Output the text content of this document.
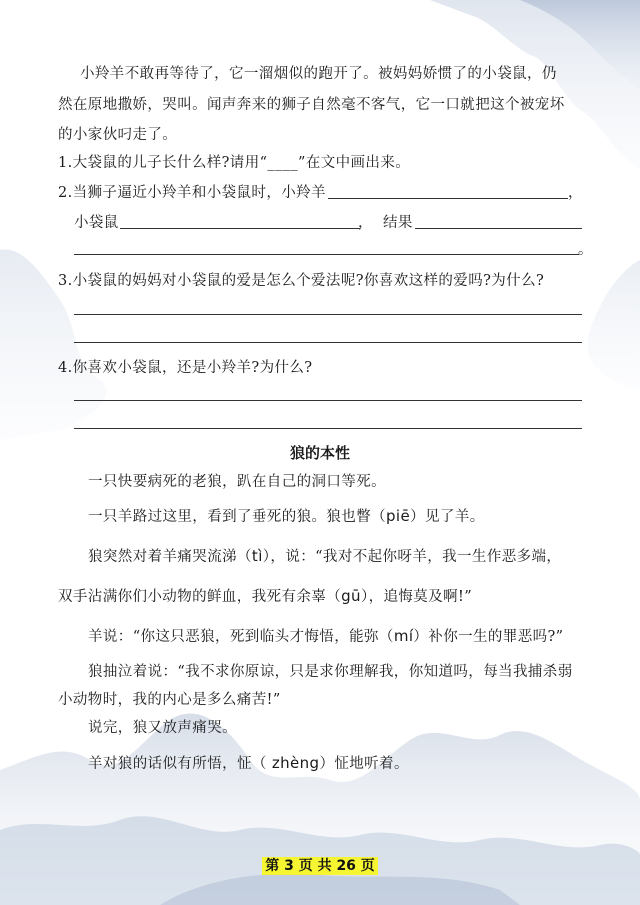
小羚羊不敢再等待了，它一溜烟似的跑开了。被妈妈娇惯了的小袋鼠，仍
然在原地撒娇，哭叫。闻声奔来的狮子自然毫不客气，它一口就把这个被宠坏
的小家伙叼走了。
1.大袋鼠的儿子长什么样?请用“____”在文中画出来。
2.当狮子逼近小羚羊和小袋鼠时，小羚羊	，
小袋鼠	， 结果
。
3.小袋鼠的妈妈对小袋鼠的爱是怎么个爱法呢?你喜欢这样的爱吗?为什么?
4.你喜欢小袋鼠，还是小羚羊?为什么?
狼的本性
一只快要病死的老狼，趴在自己的洞口等死。
一只羊路过这里，看到了垂死的狼。狼也瞥（piē）见了羊。
狼突然对着羊痛哭流涕（tì），说：“我对不起你呀羊，我一生作恶多端，
双手沾满你们小动物的鲜血，我死有余辜（gū），追悔莫及啊!”
羊说：“你这只恶狼，死到临头才悔悟，能弥（mí）补你一生的罪恶吗?”
狼抽泣着说：“我不求你原谅，只是求你理解我，你知道吗，每当我捕杀弱
小动物时，我的内心是多么痛苦!”
说完，狼又放声痛哭。
羊对狼的话似有所悟，怔（ zhèng）怔地听着。
第 3 页 共 26 页
